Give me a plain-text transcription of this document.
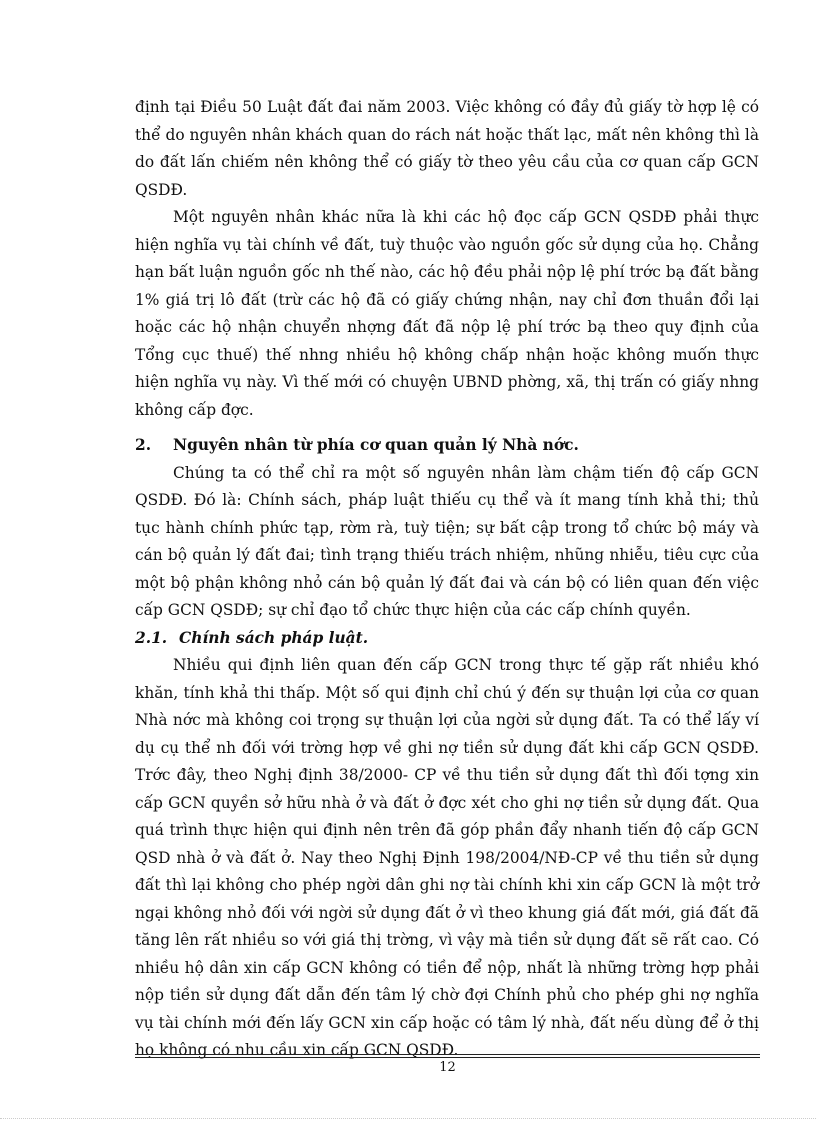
định tại Điều 50 Luật đất đai năm 2003. Việc không có đầy đủ giấy tờ hợp lệ có thể do nguyên nhân khách quan do rách nát hoặc thất lạc, mất nên không thì là do đất lấn chiếm nên không thể có giấy tờ theo yêu cầu của cơ quan cấp GCN QSDĐ.

Một nguyên nhân khác nữa là khi các hộ đọc cấp GCN QSDĐ phải thực hiện nghĩa vụ tài chính về đất, tuỳ thuộc vào nguồn gốc sử dụng của họ. Chẳng hạn bất luận nguồn gốc nh thế nào, các hộ đều phải nộp lệ phí trớc bạ đất bằng 1% giá trị lô đất (trừ các hộ đã có giấy chứng nhận, nay chỉ đơn thuần đổi lại hoặc các hộ nhận chuyển nhợng đất đã nộp lệ phí trớc bạ theo quy định của Tổng cục thuế) thế nhng nhiều hộ không chấp nhận hoặc không muốn thực hiện nghĩa vụ này. Vì thế mới có chuyện UBND phờng, xã, thị trấn có giấy nhng không cấp đợc.

2. Nguyên nhân từ phía cơ quan quản lý Nhà nớc.

Chúng ta có thể chỉ ra một số nguyên nhân làm chậm tiến độ cấp GCN QSDĐ. Đó là: Chính sách, pháp luật thiếu cụ thể và ít mang tính khả thi; thủ tục hành chính phức tạp, rờm rà, tuỳ tiện; sự bất cập trong tổ chức bộ máy và cán bộ quản lý đất đai; tình trạng thiếu trách nhiệm, nhũng nhiễu, tiêu cực của một bộ phận không nhỏ cán bộ quản lý đất đai và cán bộ có liên quan đến việc cấp GCN QSDĐ; sự chỉ đạo tổ chức thực hiện của các cấp chính quyền.

2.1. Chính sách pháp luật.

Nhiều qui định liên quan đến cấp GCN trong thực tế gặp rất nhiều khó khăn, tính khả thi thấp. Một số qui định chỉ chú ý đến sự thuận lợi của cơ quan Nhà nớc mà không coi trọng sự thuận lợi của ngời sử dụng đất. Ta có thể lấy ví dụ cụ thể nh đối với trờng hợp về ghi nợ tiền sử dụng đất khi cấp GCN QSDĐ. Trớc đây, theo Nghị định 38/2000- CP về thu tiền sử dụng đất thì đối tợng xin cấp GCN quyền sở hữu nhà ở và đất ở đợc xét cho ghi nợ tiền sử dụng đất. Qua quá trình thực hiện qui định nên trên đã góp phần đẩy nhanh tiến độ cấp GCN QSD nhà ở và đất ở. Nay theo Nghị Định 198/2004/NĐ-CP về thu tiền sử dụng đất thì lại không cho phép ngời dân ghi nợ tài chính khi xin cấp GCN là một trở ngại không nhỏ đối với ngời sử dụng đất ở vì theo khung giá đất mới, giá đất đã tăng lên rất nhiều so với giá thị trờng, vì vậy mà tiền sử dụng đất sẽ rất cao. Có nhiều hộ dân xin cấp GCN không có tiền để nộp, nhất là những trờng hợp phải nộp tiền sử dụng đất dẫn đến tâm lý chờ đợi Chính phủ cho phép ghi nợ nghĩa vụ tài chính mới đến lấy GCN xin cấp hoặc có tâm lý nhà, đất nếu dùng để ở thị họ không có nhu cầu xin cấp GCN QSDĐ.

12
